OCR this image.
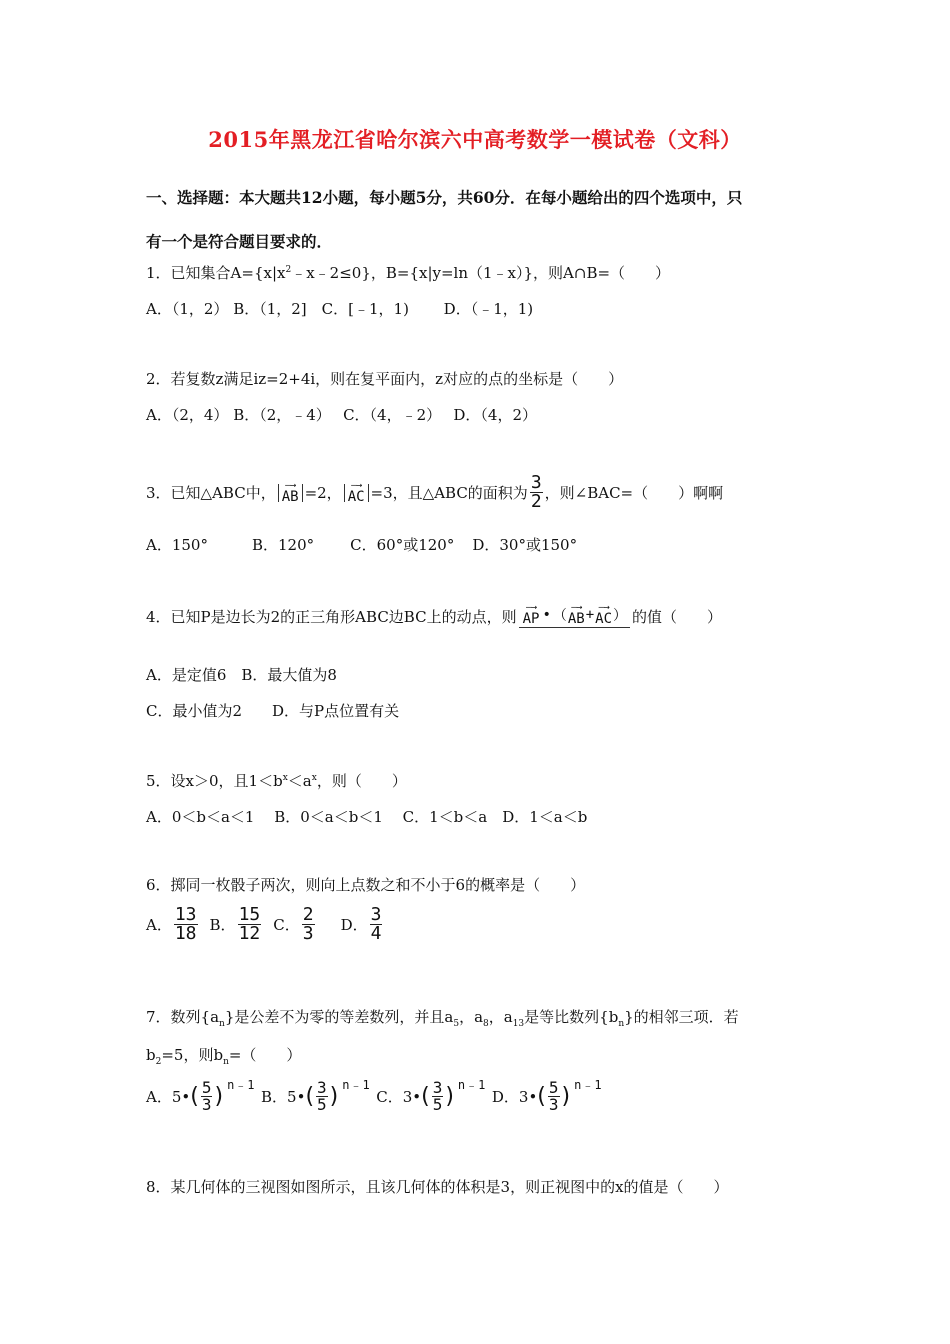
2015年黑龙江省哈尔滨六中高考数学一模试卷（文科）
一、选择题：本大题共12小题，每小题5分，共60分．在每小题给出的四个选项中，只
有一个是符合题目要求的．
1．已知集合$A=\{x|x^2﹣x﹣2\le 0\}$，B={x|y=ln（1﹣x）}，则A∩B=（　　）
A．（1，2） B．（1，2]　C．[﹣1，1)　　 D．（﹣1，1)
2．若复数z满足iz=2+4i，则在复平面内，z对应的点的坐标是（　　）
A．（2，4） B．（2，﹣4）　 C．（4，﹣2）　 D．（4，2）
3．已知△ABC中， —→
AB =2， —→
AC =3，且△ABC的面积为 $\frac{3}{2}$ ，则∠BAC=（　　）啊啊
A．150°	B．120° C．60°或120° D．30°或150°
4．已知P是边长为2的正三角形ABC边BC上的动点，则 —→
AP • （
—→
AB + —→
AC ） 的值（　　）
A．是定值6　B．最大值为8
C．最小值为2　　D．与P点位置有关
5．设x＞0，且$1<b^x<a^x$，则（　　）
A．0＜b＜a＜1　 B．0＜a＜b＜1　 C．1＜b＜a　D．1＜a＜b
6．掷同一枚骰子两次，则向上点数之和不小于6的概率是（　　）
A． $\frac{13}{18}$ B． $\frac{15}{12}$ C． $\frac{2}{3}$ D． $\frac{3}{4}$
7．数列$\{a_n\}$是公差不为零的等差数列，并且$a_5$，$a_8$，$a_{13}$是等比数列$\{b_n\}$的相邻三项．若
$b_2=5$，则$b_n=$（　　）
A．5• ( $\frac{5}{3}$ ) n﹣1
B．5• ( $\frac{3}{5}$ ) n﹣1
C．3• ( $\frac{3}{5}$ ) n﹣1
D．3• ( $\frac{5}{3}$ ) n﹣1
8．某几何体的三视图如图所示，且该几何体的体积是3，则正视图中的x的值是（　　）
